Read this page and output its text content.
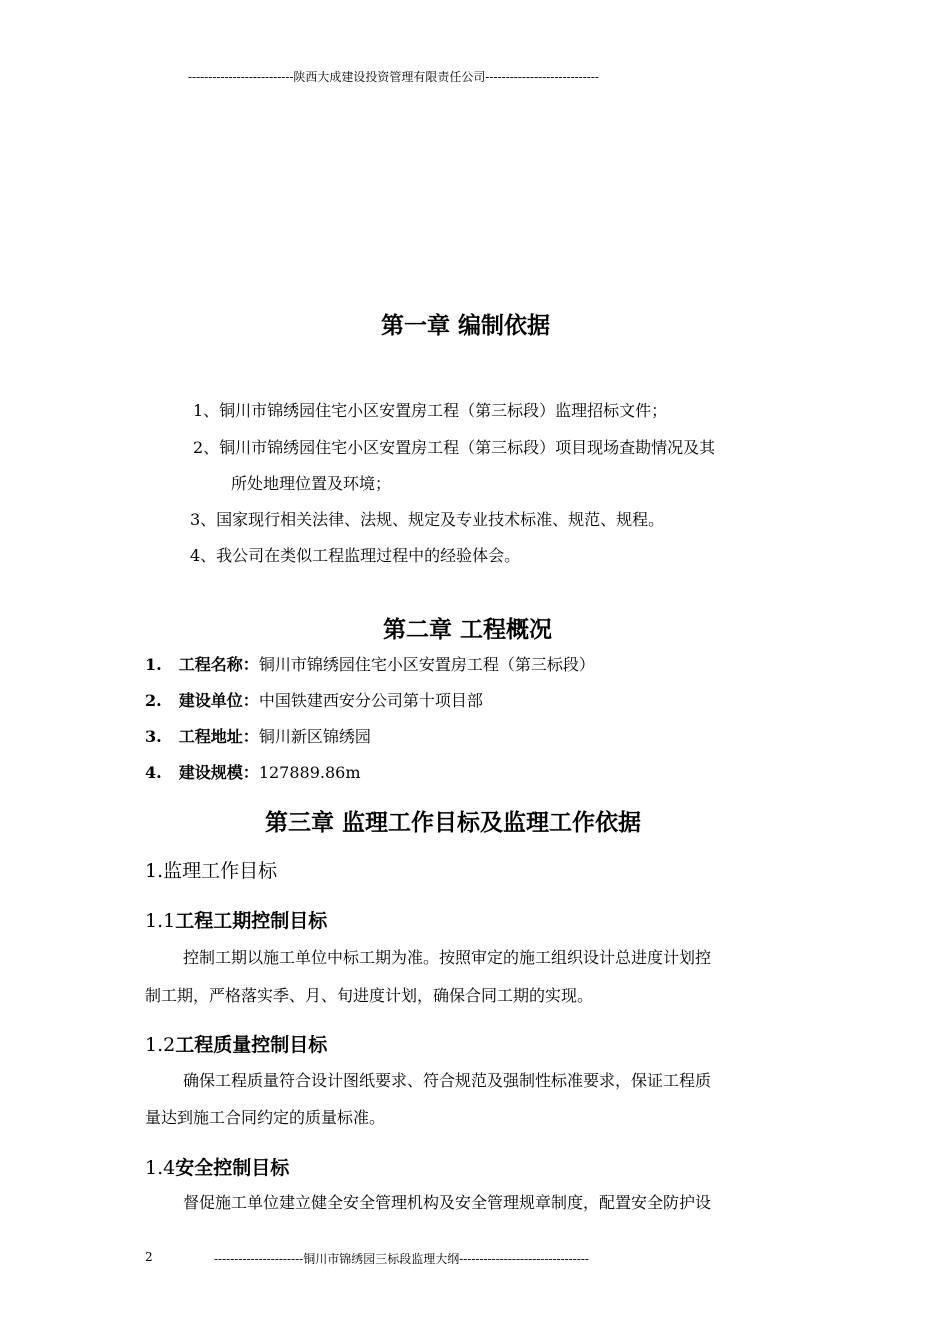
--------------------------陕西大成建设投资管理有限责任公司----------------------------
第一章 编制依据
1、铜川市锦绣园住宅小区安置房工程（第三标段）监理招标文件；
2、铜川市锦绣园住宅小区安置房工程（第三标段）项目现场查勘情况及其
所处地理位置及环境；
3、国家现行相关法律、法规、规定及专业技术标准、规范、规程。
4、我公司在类似工程监理过程中的经验体会。
第二章 工程概况
1. 工程名称：铜川市锦绣园住宅小区安置房工程（第三标段）
2. 建设单位：中国铁建西安分公司第十项目部
3. 工程地址：铜川新区锦绣园
4. 建设规模：127889.86m
第三章 监理工作目标及监理工作依据
1.监理工作目标
1.1工程工期控制目标
控制工期以施工单位中标工期为准。按照审定的施工组织设计总进度计划控
制工期，严格落实季、月、旬进度计划，确保合同工期的实现。
1.2工程质量控制目标
确保工程质量符合设计图纸要求、符合规范及强制性标准要求，保证工程质
量达到施工合同约定的质量标准。
1.4安全控制目标
督促施工单位建立健全安全管理机构及安全管理规章制度，配置安全防护设
2	----------------------铜川市锦绣园三标段监理大纲--------------------------------
